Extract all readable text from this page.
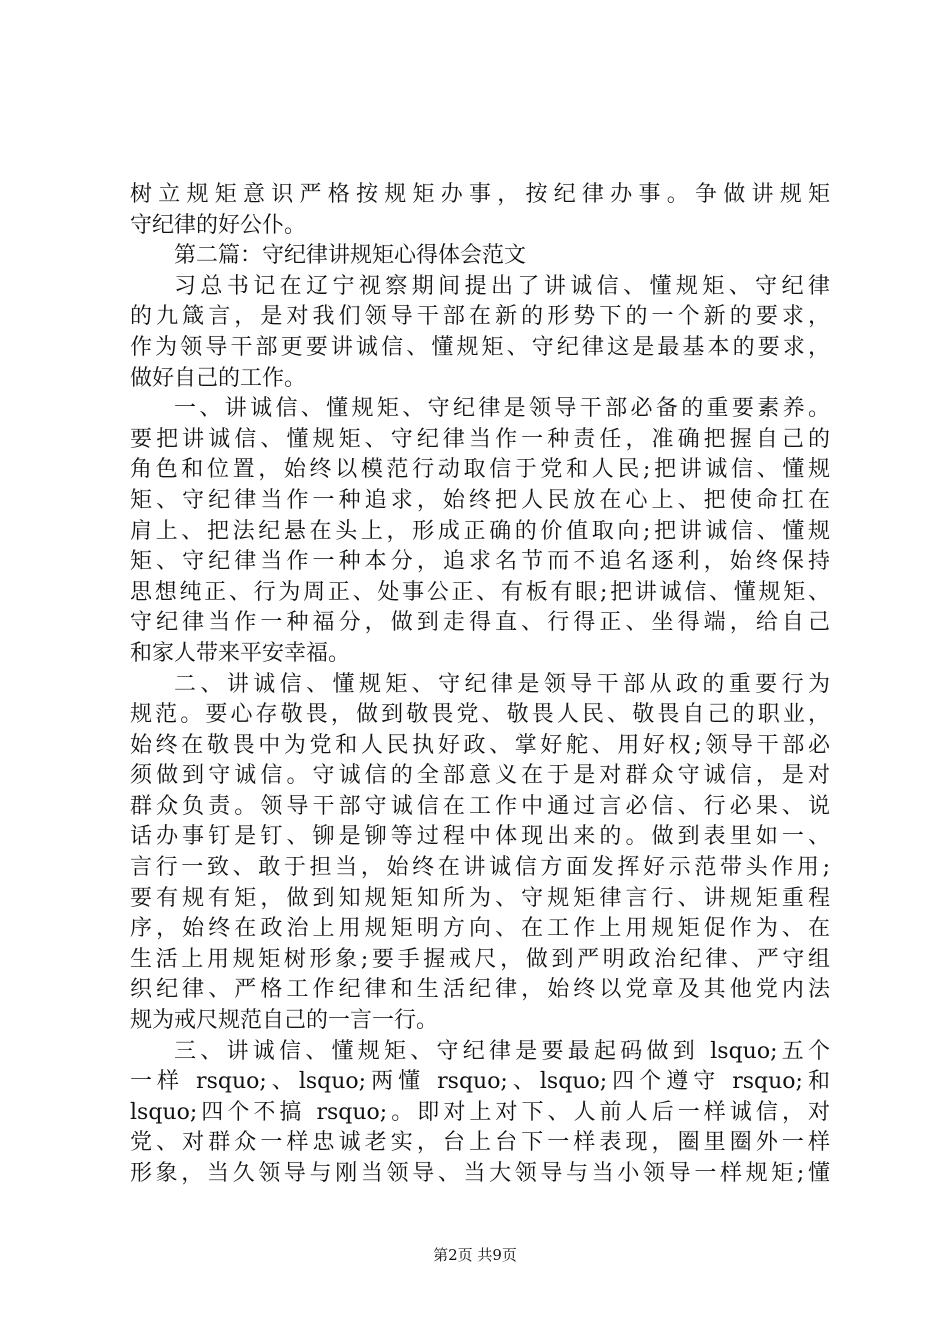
树立规矩意识严格按规矩办事，按纪律办事。争做讲规矩
守纪律的好公仆。
第二篇：守纪律讲规矩心得体会范文
习总书记在辽宁视察期间提出了讲诚信、懂规矩、守纪律
的九箴言，是对我们领导干部在新的形势下的一个新的要求，
作为领导干部更要讲诚信、懂规矩、守纪律这是最基本的要求，
做好自己的工作。
一、讲诚信、懂规矩、守纪律是领导干部必备的重要素养。
要把讲诚信、懂规矩、守纪律当作一种责任，准确把握自己的
角色和位置，始终以模范行动取信于党和人民;把讲诚信、懂规
矩、守纪律当作一种追求，始终把人民放在心上、把使命扛在
肩上、把法纪悬在头上，形成正确的价值取向;把讲诚信、懂规
矩、守纪律当作一种本分，追求名节而不追名逐利，始终保持
思想纯正、行为周正、处事公正、有板有眼;把讲诚信、懂规矩、
守纪律当作一种福分，做到走得直、行得正、坐得端，给自己
和家人带来平安幸福。
二、讲诚信、懂规矩、守纪律是领导干部从政的重要行为
规范。要心存敬畏，做到敬畏党、敬畏人民、敬畏自己的职业，
始终在敬畏中为党和人民执好政、掌好舵、用好权;领导干部必
须做到守诚信。守诚信的全部意义在于是对群众守诚信，是对
群众负责。领导干部守诚信在工作中通过言必信、行必果、说
话办事钉是钉、铆是铆等过程中体现出来的。做到表里如一、
言行一致、敢于担当，始终在讲诚信方面发挥好示范带头作用;
要有规有矩，做到知规矩知所为、守规矩律言行、讲规矩重程
序，始终在政治上用规矩明方向、在工作上用规矩促作为、在
生活上用规矩树形象;要手握戒尺，做到严明政治纪律、严守组
织纪律、严格工作纪律和生活纪律，始终以党章及其他党内法
规为戒尺规范自己的一言一行。
三、讲诚信、懂规矩、守纪律是要最起码做到 lsquo;五个
一样 rsquo;、lsquo;两懂 rsquo;、lsquo;四个遵守 rsquo;和
lsquo;四个不搞 rsquo;。即对上对下、人前人后一样诚信，对
党、对群众一样忠诚老实，台上台下一样表现，圈里圈外一样
形象，当久领导与刚当领导、当大领导与当小领导一样规矩;懂
第2页 共9页
